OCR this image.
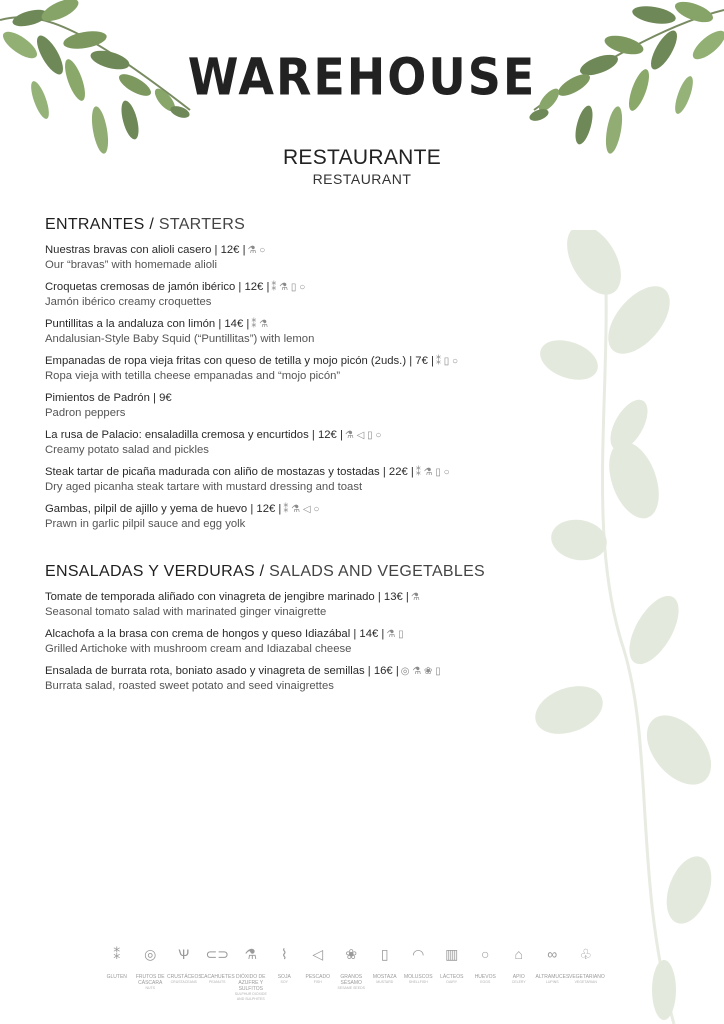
WAREHOUSE
RESTAURANTE
RESTAURANT
ENTRANTES / STARTERS
Nuestras bravas con alioli casero | 12€ | ⚗ ○
Our “bravas” with homemade alioli
Croquetas cremosas de jamón ibérico | 12€ | ⁑ ⚗ ▯ ○
Jamón ibérico creamy croquettes
Puntillitas a la andaluza con limón | 14€ | ⁑ ⚗
Andalusian-Style Baby Squid (“Puntillitas”) with lemon
Empanadas de ropa vieja fritas con queso de tetilla y mojo picón (2uds.) | 7€ | ⁑ ▯ ○
Ropa vieja with tetilla cheese empanadas and “mojo picón”
Pimientos de Padrón | 9€
Padron peppers
La rusa de Palacio: ensaladilla cremosa y encurtidos | 12€ | ⚗ ◁ ▯ ○
Creamy potato salad and pickles
Steak tartar de picaña madurada con aliño de mostazas y tostadas | 22€ | ⁑ ⚗ ▯ ○
Dry aged picanha steak tartare with mustard dressing and toast
Gambas, pilpil de ajillo y yema de huevo | 12€ | ⁑ ⚗ ◁ ○
Prawn in garlic pilpil sauce and egg yolk
ENSALADAS Y VERDURAS / SALADS AND VEGETABLES
Tomate de temporada aliñado con vinagreta de jengibre marinado | 13€ | ⚗
Seasonal tomato salad with marinated ginger vinaigrette
Alcachofa a la brasa con crema de hongos y queso Idiazábal | 14€ | ⚗ ▯
Grilled Artichoke with mushroom cream and Idiazabal cheese
Ensalada de burrata rota, boniato asado y vinagreta de semillas | 16€ | ◎ ⚗ ❀ ▯
Burrata salad, roasted sweet potato and seed vinaigrettes
⁑
GLUTEN
◎
FRUTOS DE CÁSCARA
NUTS
Ѱ
CRUSTÁCEOS
CRUSTACEANS
⊂⊃
CACAHUETES
PEANUTS
⚗
DIÓXIDO DE AZUFRE Y SULFITOS
SULPHUR DIOXIDE AND SULPHITES
⌇
SOJA
SOY
◁
PESCADO
FISH
❀
GRANOS SÉSAMO
SESAME SEEDS
▯
MOSTAZA
MUSTARD
◠
MOLUSCOS
SHELLFISH
▥
LÁCTEOS
DAIRY
○
HUEVOS
EGGS
⌂
APIO
CELERY
∞
ALTRAMUCES
LUPINS
♧
VEGETARIANO
VEGETARIAN
